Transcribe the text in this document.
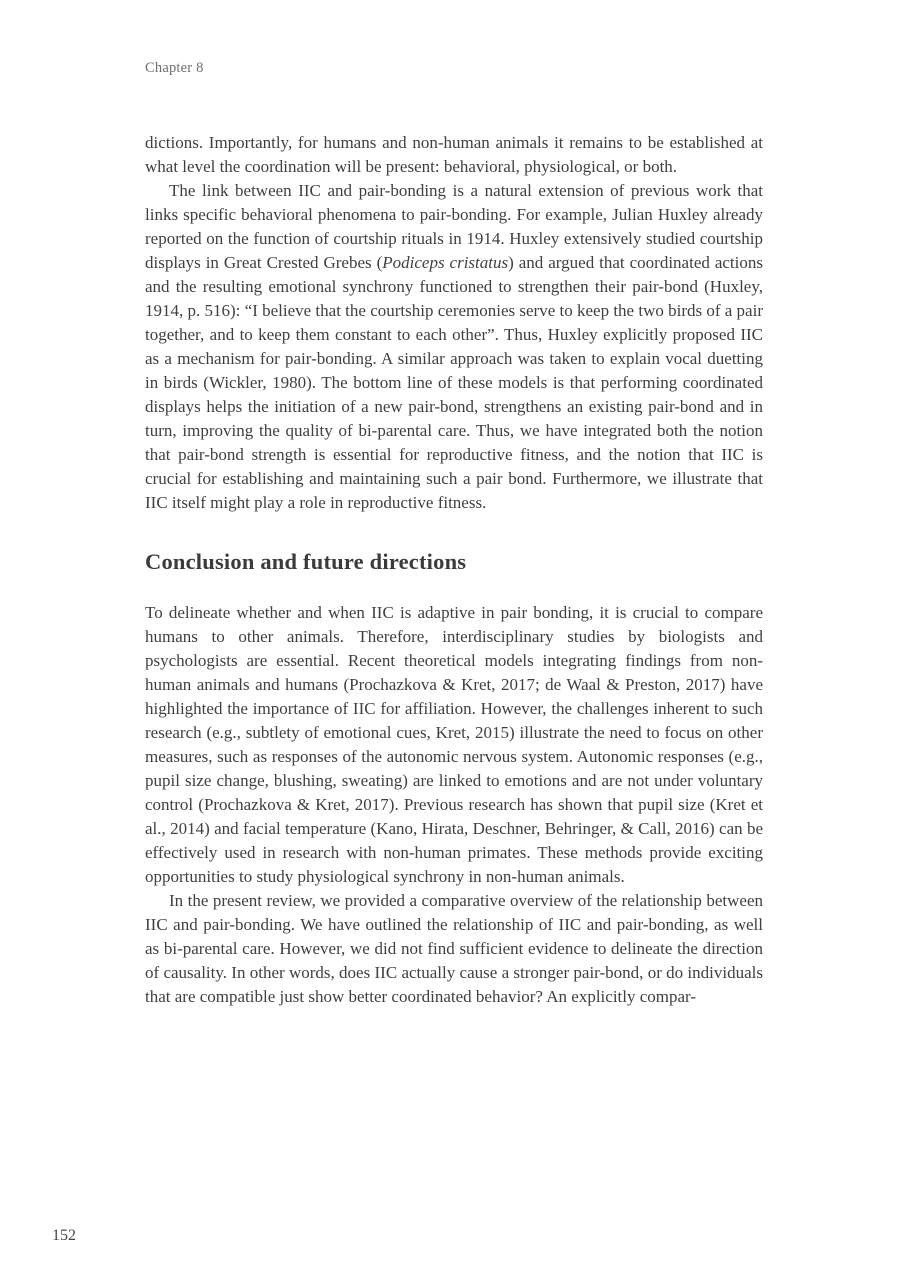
Chapter 8

dictions. Importantly, for humans and non-human animals it remains to be established at what level the coordination will be present: behavioral, physiological, or both.

The link between IIC and pair-bonding is a natural extension of previous work that links specific behavioral phenomena to pair-bonding. For example, Julian Huxley already reported on the function of courtship rituals in 1914. Huxley extensively studied courtship displays in Great Crested Grebes (Podiceps cristatus) and argued that coordinated actions and the resulting emotional synchrony functioned to strengthen their pair-bond (Huxley, 1914, p. 516): “I believe that the courtship ceremonies serve to keep the two birds of a pair together, and to keep them constant to each other”. Thus, Huxley explicitly proposed IIC as a mechanism for pair-bonding. A similar approach was taken to explain vocal duetting in birds (Wickler, 1980). The bottom line of these models is that performing coordinated displays helps the initiation of a new pair-bond, strengthens an existing pair-bond and in turn, improving the quality of bi-parental care. Thus, we have integrated both the notion that pair-bond strength is essential for reproductive fitness, and the notion that IIC is crucial for establishing and maintaining such a pair bond. Furthermore, we illustrate that IIC itself might play a role in reproductive fitness.

Conclusion and future directions

To delineate whether and when IIC is adaptive in pair bonding, it is crucial to compare humans to other animals. Therefore, interdisciplinary studies by biologists and psychologists are essential. Recent theoretical models integrating findings from non-human animals and humans (Prochazkova & Kret, 2017; de Waal & Preston, 2017) have highlighted the importance of IIC for affiliation. However, the challenges inherent to such research (e.g., subtlety of emotional cues, Kret, 2015) illustrate the need to focus on other measures, such as responses of the autonomic nervous system. Autonomic responses (e.g., pupil size change, blushing, sweating) are linked to emotions and are not under voluntary control (Prochazkova & Kret, 2017). Previous research has shown that pupil size (Kret et al., 2014) and facial temperature (Kano, Hirata, Deschner, Behringer, & Call, 2016) can be effectively used in research with non-human primates. These methods provide exciting opportunities to study physiological synchrony in non-human animals.

In the present review, we provided a comparative overview of the relationship between IIC and pair-bonding. We have outlined the relationship of IIC and pair-bonding, as well as bi-parental care. However, we did not find sufficient evidence to delineate the direction of causality. In other words, does IIC actually cause a stronger pair-bond, or do individuals that are compatible just show better coordinated behavior? An explicitly compar-

152
